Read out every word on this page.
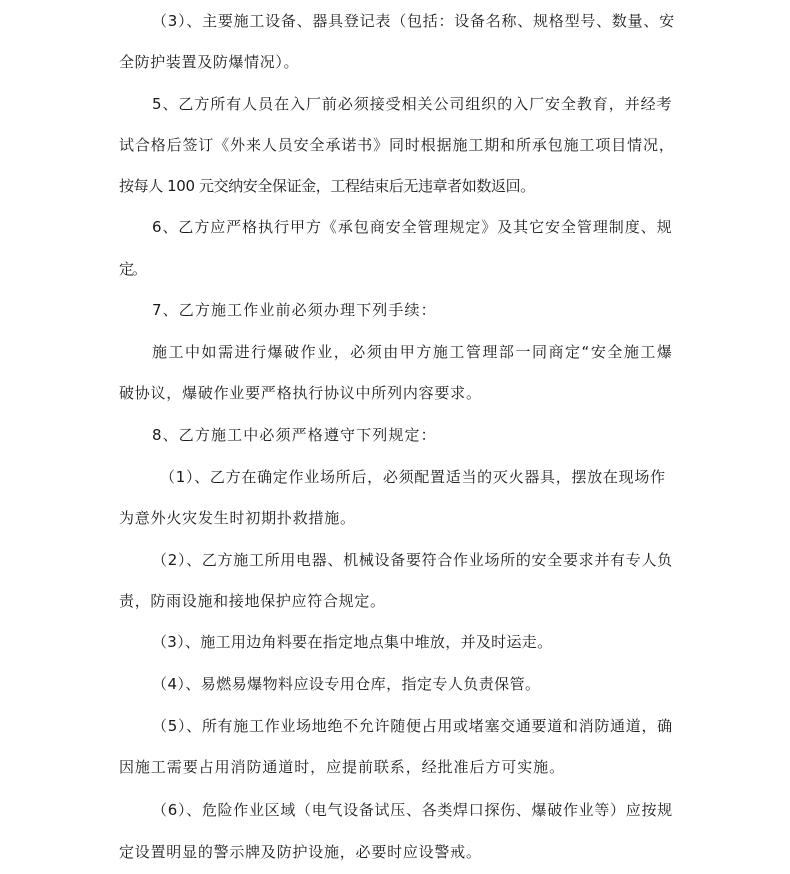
（3）、主要施工设备、器具登记表（包括：设备名称、规格型号、数量、安
全防护装置及防爆情况）。
5、乙方所有人员在入厂前必须接受相关公司组织的入厂安全教育，并经考
试合格后签订《外来人员安全承诺书》同时根据施工期和所承包施工项目情况，
按每人 100 元交纳安全保证金，工程结束后无违章者如数返回。
6、乙方应严格执行甲方《承包商安全管理规定》及其它安全管理制度、规
定。
7、乙方施工作业前必须办理下列手续：
施工中如需进行爆破作业，必须由甲方施工管理部一同商定“安全施工爆
破协议，爆破作业要严格执行协议中所列内容要求。
8、乙方施工中必须严格遵守下列规定：
（1）、乙方在确定作业场所后，必须配置适当的灭火器具，摆放在现场作
为意外火灾发生时初期扑救措施。
（2）、乙方施工所用电器、机械设备要符合作业场所的安全要求并有专人负
责，防雨设施和接地保护应符合规定。
（3）、施工用边角料要在指定地点集中堆放，并及时运走。
（4）、易燃易爆物料应设专用仓库，指定专人负责保管。
（5）、所有施工作业场地绝不允许随便占用或堵塞交通要道和消防通道，确
因施工需要占用消防通道时，应提前联系，经批准后方可实施。
（6）、危险作业区域（电气设备试压、各类焊口探伤、爆破作业等）应按规
定设置明显的警示牌及防护设施，必要时应设警戒。
